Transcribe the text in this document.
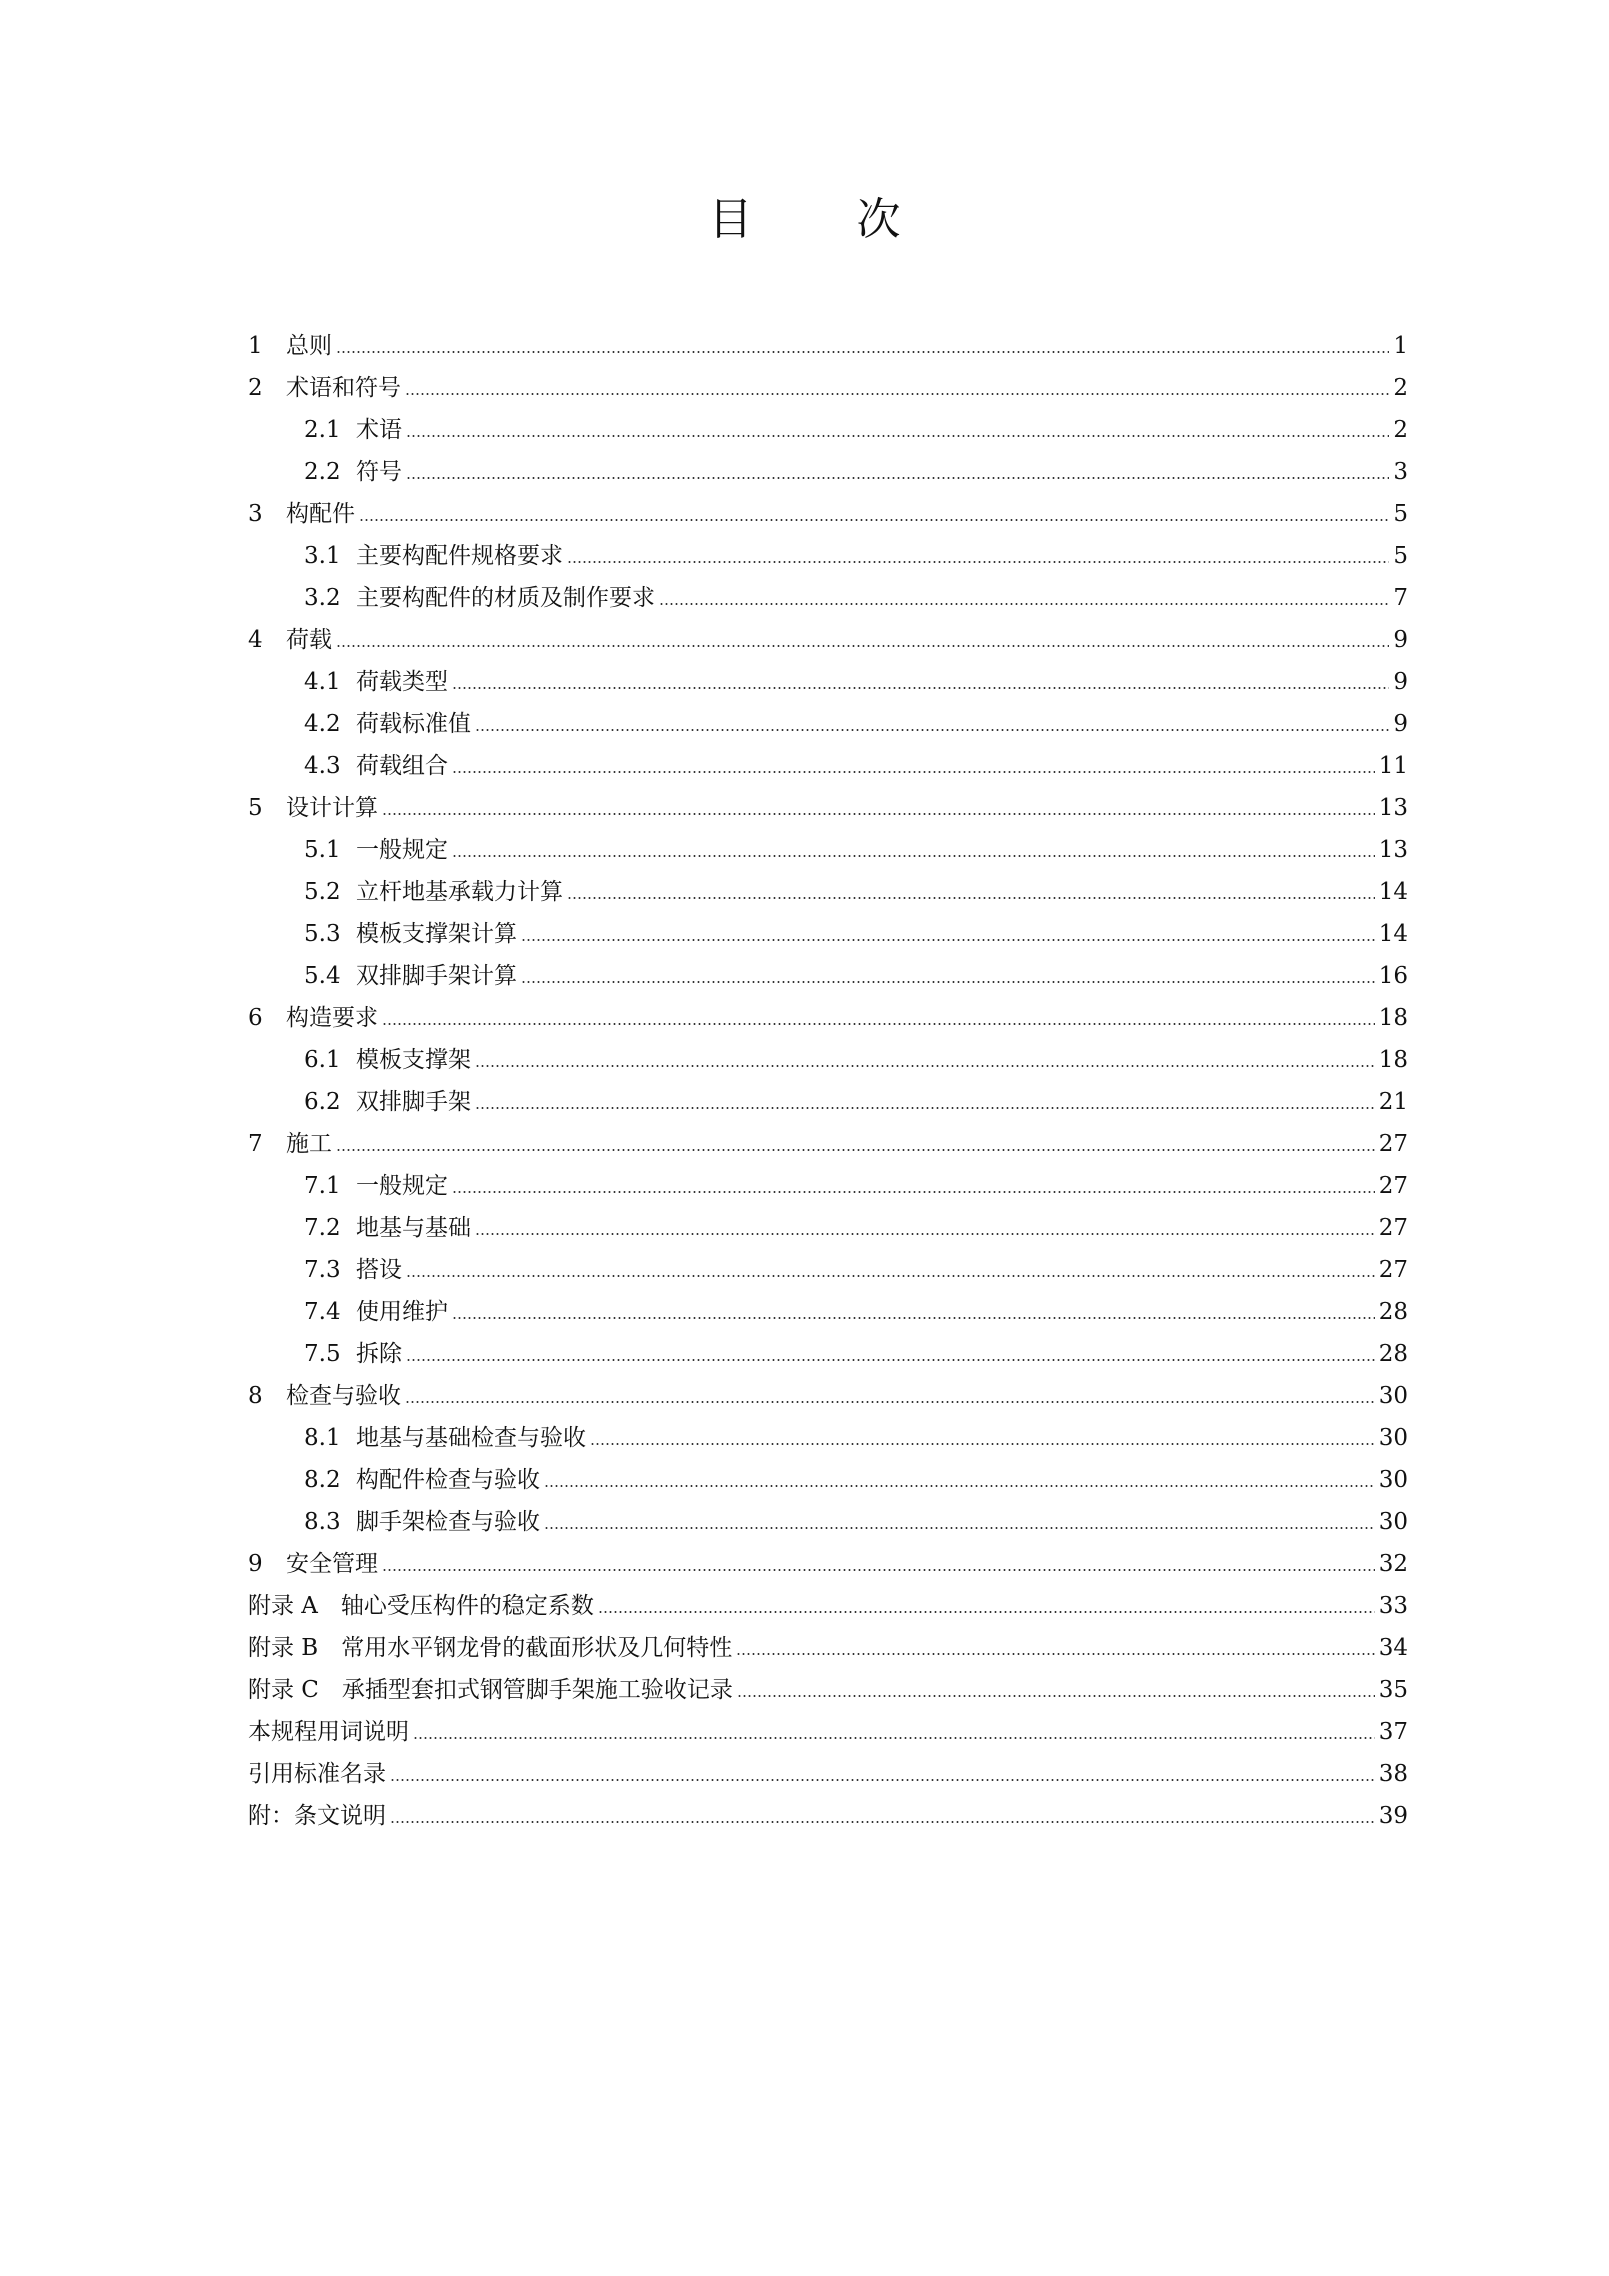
目　次
1	总则	1
2	术语和符号	2
2.1 术语	2
2.2 符号	3
3	构配件	5
3.1 主要构配件规格要求	5
3.2 主要构配件的材质及制作要求	7
4	荷载	9
4.1 荷载类型	9
4.2 荷载标准值	9
4.3 荷载组合	11
5	设计计算	13
5.1 一般规定	13
5.2 立杆地基承载力计算	14
5.3 模板支撑架计算	14
5.4 双排脚手架计算	16
6	构造要求	18
6.1 模板支撑架	18
6.2 双排脚手架	21
7	施工	27
7.1 一般规定	27
7.2 地基与基础	27
7.3 搭设	27
7.4 使用维护	28
7.5 拆除	28
8	检查与验收	30
8.1 地基与基础检查与验收	30
8.2 构配件检查与验收	30
8.3 脚手架检查与验收	30
9	安全管理	32
附录 A　轴心受压构件的稳定系数	33
附录 B　常用水平钢龙骨的截面形状及几何特性	34
附录 C　承插型套扣式钢管脚手架施工验收记录	35
本规程用词说明	37
引用标准名录	38
附：条文说明	39
